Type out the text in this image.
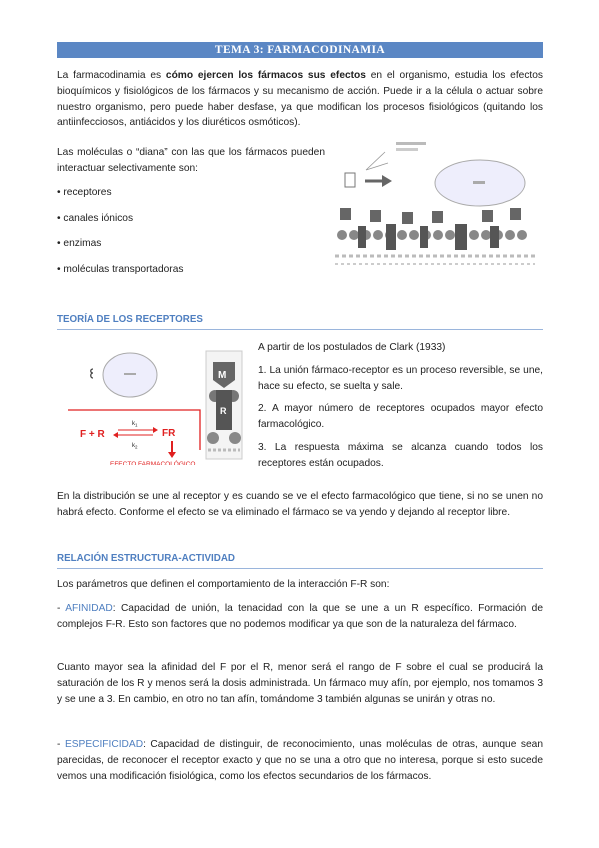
TEMA 3: FARMACODINAMIA
La farmacodinamia es cómo ejercen los fármacos sus efectos en el organismo, estudia los efectos bioquímicos y fisiológicos de los fármacos y su mecanismo de acción. Puede ir a la célula o actuar sobre nuestro organismo, pero puede haber desfase, ya que modifican los procesos fisiológicos (quitando los antiinfecciosos, antiácidos y los diuréticos osmóticos).
Las moléculas o “diana” con las que los fármacos pueden interactuar selectivamente son:
• receptores
• canales iónicos
• enzimas
• moléculas transportadoras
TEORÍA DE LOS RECEPTORES
F + R
$k_1$
$k_2$
FR
EFECTO FARMACOLÓGICO
M
R

A partir de los postulados de Clark (1933)

1. La unión fármaco-receptor es un proceso reversible, se une, hace su efecto, se suelta y sale.

2. A mayor número de receptores ocupados mayor efecto farmacológico.

3. La respuesta máxima se alcanza cuando todos los receptores están ocupados.

En la distribución se une al receptor y es cuando se ve el efecto farmacológico que tiene, si no se unen no habrá efecto. Conforme el efecto se va eliminado el fármaco se va yendo y dejando al receptor libre.
RELACIÓN ESTRUCTURA-ACTIVIDAD
Los parámetros que definen el comportamiento de la interacción F-R son:
- AFINIDAD: Capacidad de unión, la tenacidad con la que se une a un R específico. Formación de complejos F-R. Esto son factores que no podemos modificar ya que son de la naturaleza del fármaco.
Cuanto mayor sea la afinidad del F por el R, menor será el rango de F sobre el cual se producirá la saturación de los R y menos será la dosis administrada. Un fármaco muy afín, por ejemplo, nos tomamos 3 y se une a 3. En cambio, en otro no tan afín, tomándome 3 también algunas se unirán y otras no.
- ESPECIFICIDAD: Capacidad de distinguir, de reconocimiento, unas moléculas de otras, aunque sean parecidas, de reconocer el receptor exacto y que no se una a otro que no interesa, porque si esto sucede vemos una modificación fisiológica, como los efectos secundarios de los fármacos.
